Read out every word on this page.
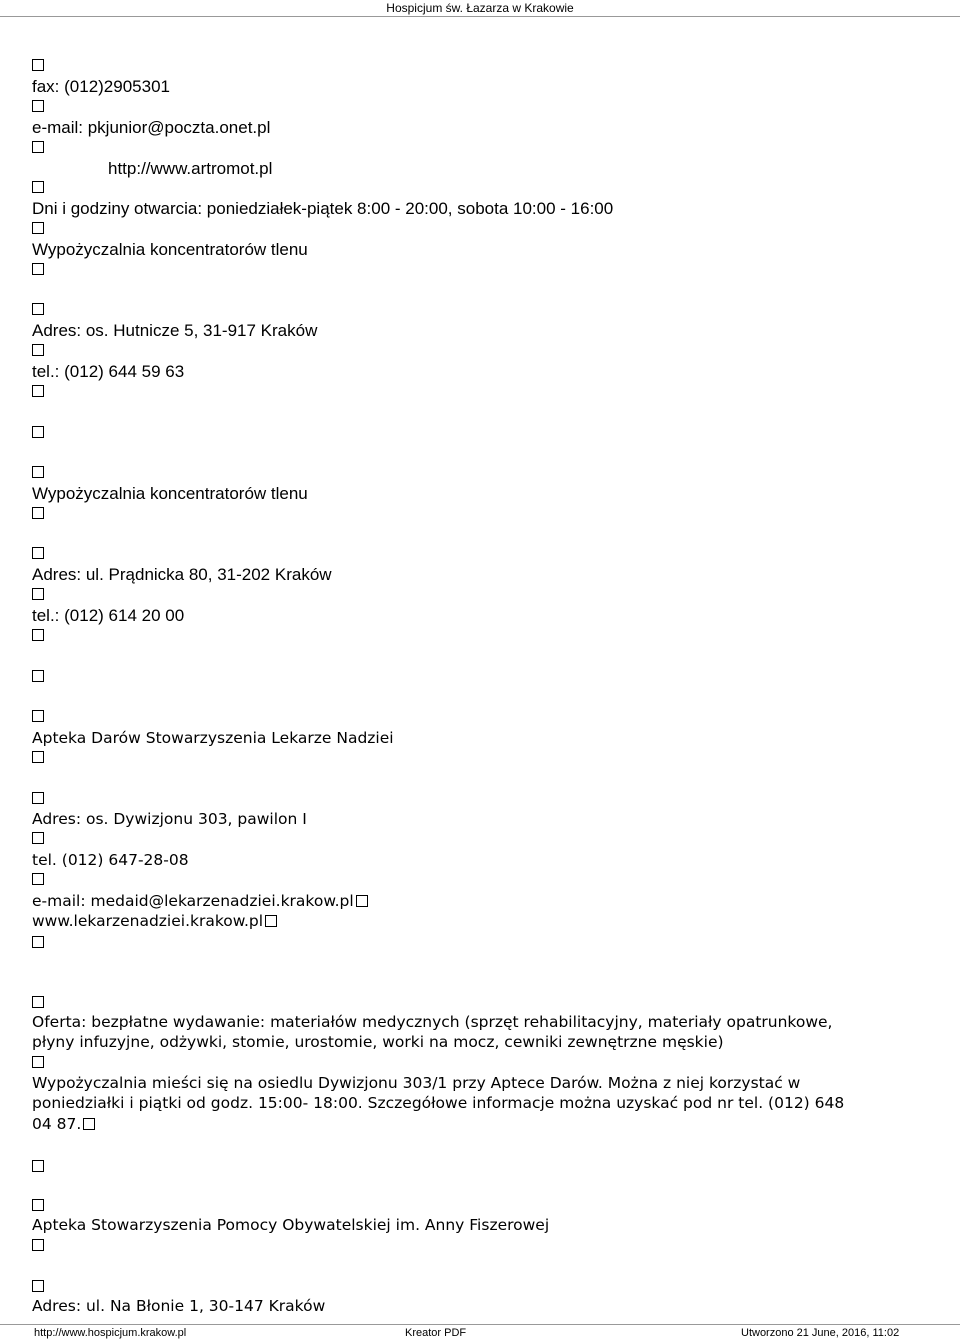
Hospicjum św. Łazarza w Krakowie
fax: (012)2905301
e-mail: pkjunior@poczta.onet.pl
http://www.artromot.pl
Dni i godziny otwarcia: poniedziałek-piątek 8:00 - 20:00, sobota 10:00 - 16:00
Wypożyczalnia koncentratorów tlenu
Adres: os. Hutnicze 5, 31-917 Kraków
tel.: (012) 644 59 63
Wypożyczalnia koncentratorów tlenu
Adres: ul. Prądnicka 80, 31-202 Kraków
tel.: (012) 614 20 00
Apteka Darów Stowarzyszenia Lekarze Nadziei
Adres: os. Dywizjonu 303, pawilon I
tel. (012) 647-28-08
e-mail: medaid@lekarzenadziei.krakow.pl
www.lekarzenadziei.krakow.pl
Oferta: bezpłatne wydawanie: materiałów medycznych (sprzęt rehabilitacyjny, materiały opatrunkowe,
płyny infuzyjne, odżywki, stomie, urostomie, worki na mocz, cewniki zewnętrzne męskie)
Wypożyczalnia mieści się na osiedlu Dywizjonu 303/1 przy Aptece Darów. Można z niej korzystać w
poniedziałki i piątki od godz. 15:00- 18:00. Szczegółowe informacje można uzyskać pod nr tel. (012) 648
04 87.
Apteka Stowarzyszenia Pomocy Obywatelskiej im. Anny Fiszerowej
Adres: ul. Na Błonie 1, 30-147 Kraków
http://www.hospicjum.krakow.pl	Kreator PDF	Utworzono 21 June, 2016, 11:02
